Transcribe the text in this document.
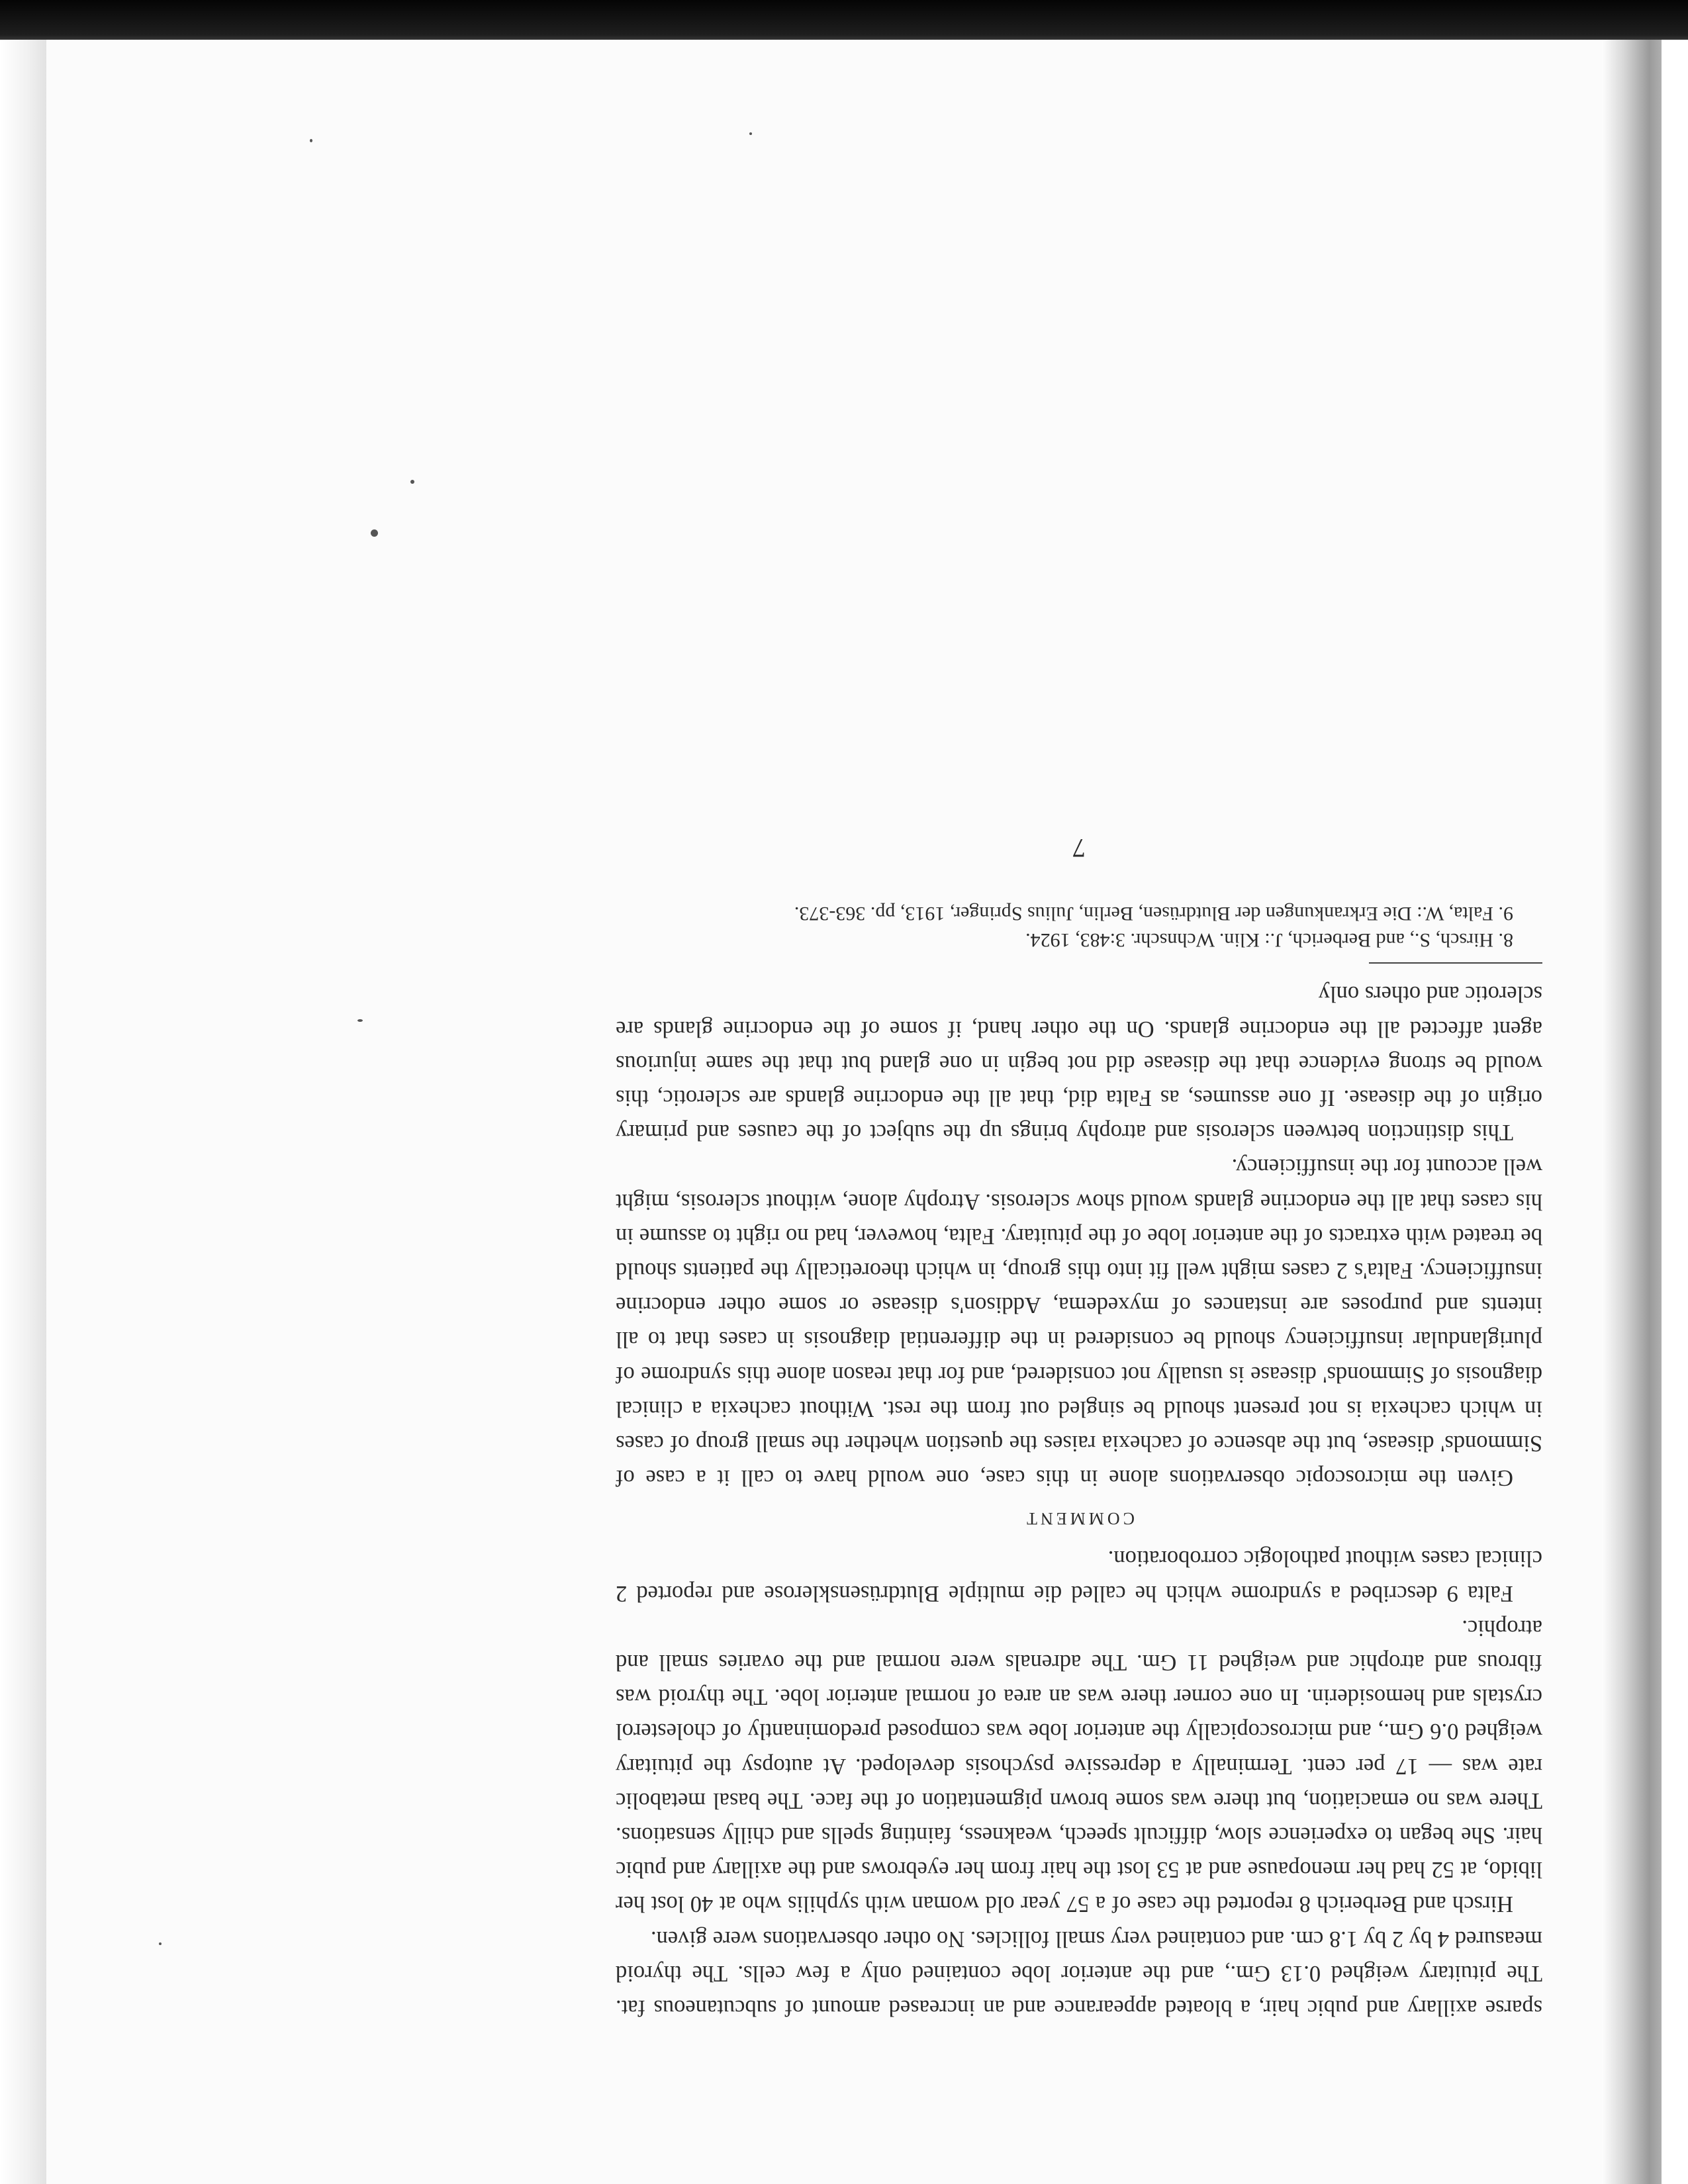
sparse axillary and pubic hair, a bloated appearance and an increased amount of subcutaneous fat. The pituitary weighed 0.13 Gm., and the anterior lobe contained only a few cells. The thyroid measured 4 by 2 by 1.8 cm. and contained very small follicles. No other observations were given.

Hirsch and Berberich 8 reported the case of a 57 year old woman with syphilis who at 40 lost her libido, at 52 had her menopause and at 53 lost the hair from her eyebrows and the axillary and pubic hair. She began to experience slow, difficult speech, weakness, fainting spells and chilly sensations. There was no emaciation, but there was some brown pigmentation of the face. The basal metabolic rate was — 17 per cent. Terminally a depressive psychosis developed. At autopsy the pituitary weighed 0.6 Gm., and microscopically the anterior lobe was composed predominantly of cholesterol crystals and hemosiderin. In one corner there was an area of normal anterior lobe. The thyroid was fibrous and atrophic and weighed 11 Gm. The adrenals were normal and the ovaries small and atrophic.

Falta 9 described a syndrome which he called die multiple Blutdrüsensklerose and reported 2 clinical cases without pathologic corroboration.

COMMENT

Given the microscopic observations alone in this case, one would have to call it a case of Simmonds' disease, but the absence of cachexia raises the question whether the small group of cases in which cachexia is not present should be singled out from the rest. Without cachexia a clinical diagnosis of Simmonds' disease is usually not considered, and for that reason alone this syndrome of pluriglandular insufficiency should be considered in the differential diagnosis in cases that to all intents and purposes are instances of myxedema, Addison's disease or some other endocrine insufficiency. Falta's 2 cases might well fit into this group, in which theoretically the patients should be treated with extracts of the anterior lobe of the pituitary. Falta, however, had no right to assume in his cases that all the endocrine glands would show sclerosis. Atrophy alone, without sclerosis, might well account for the insufficiency.

This distinction between sclerosis and atrophy brings up the subject of the causes and primary origin of the disease. If one assumes, as Falta did, that all the endocrine glands are sclerotic, this would be strong evidence that the disease did not begin in one gland but that the same injurious agent affected all the endocrine glands. On the other hand, if some of the endocrine glands are sclerotic and others only

8. Hirsch, S., and Berberich, J.: Klin. Wchnschr. 3:483, 1924.

9. Falta, W.: Die Erkrankungen der Blutdrüsen, Berlin, Julius Springer, 1913, pp. 363-373.

7
